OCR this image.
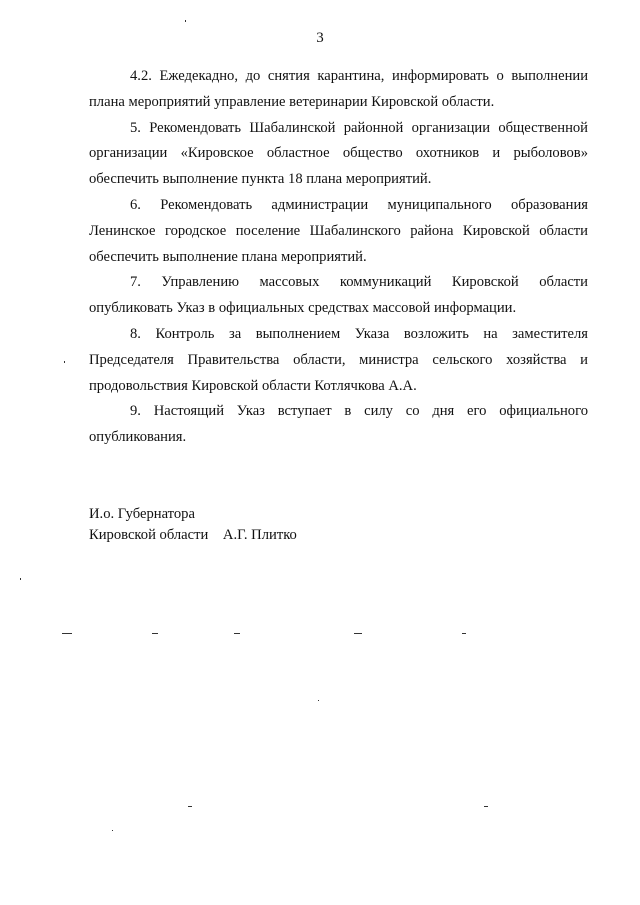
3

4.2. Ежедекадно, до снятия карантина, информировать о выполнении плана мероприятий управление ветеринарии Кировской области.

5. Рекомендовать Шабалинской районной организации общественной организации «Кировское областное общество охотников и рыболовов» обеспечить выполнение пункта 18 плана мероприятий.

6. Рекомендовать администрации муниципального образования Ленинское городское поселение Шабалинского района Кировской области обеспечить выполнение плана мероприятий.

7. Управлению массовых коммуникаций Кировской области опубликовать Указ в официальных средствах массовой информации.

8. Контроль за выполнением Указа возложить на заместителя Председателя Правительства области, министра сельского хозяйства и продовольствия Кировской области Котлячкова А.А.

9. Настоящий Указ вступает в силу со дня его официального опубликования.

И.о. Губернатора

Кировской области А.Г. Плитко
